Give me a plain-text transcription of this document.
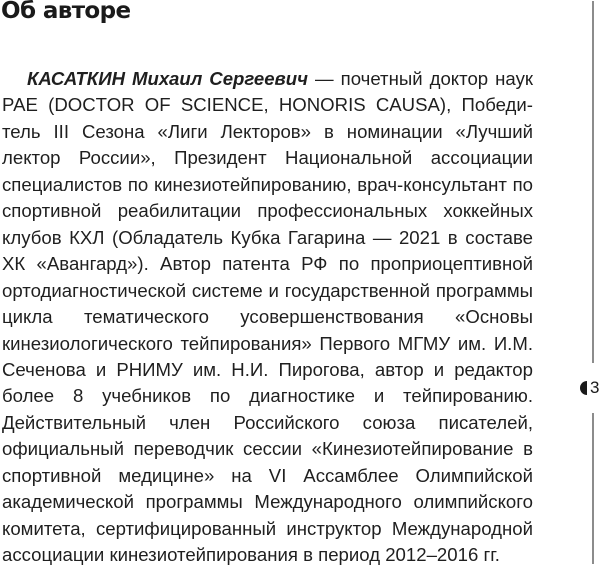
Об авторе

КАСАТКИН Михаил Сергеевич — почетный доктор наук РАЕ (DOCTOR OF SCIENCE, HONORIS CAUSA), Победитель III Сезона «Лиги Лекторов» в номинации «Лучший лектор России», Президент Национальной ассоциации специалистов по кинезиотейпированию, врач-консультант по спортивной реабилитации профессиональных хоккейных клубов КХЛ (Обладатель Кубка Гагарина — 2021 в составе ХК «Авангард»). Автор патента РФ по проприоцептивной ортодиагностической системе и государственной программы цикла тематического усовершенствования «Основы кинезиологического тейпирования» Первого МГМУ им. И.М. Сеченова и РНИМУ им. Н.И. Пирогова, автор и редактор более 8 учебников по диагностике и тейпированию. Действительный член Российского союза писателей, официальный переводчик сессии «Кинезиотейпирование в спортивной медицине» на VI Ассамблее Олимпийской академической программы Международного олимпийского комитета, сертифицированный инструктор Международной ассоциации кинезиотейпирования в период 2012–2016 гг.

3
